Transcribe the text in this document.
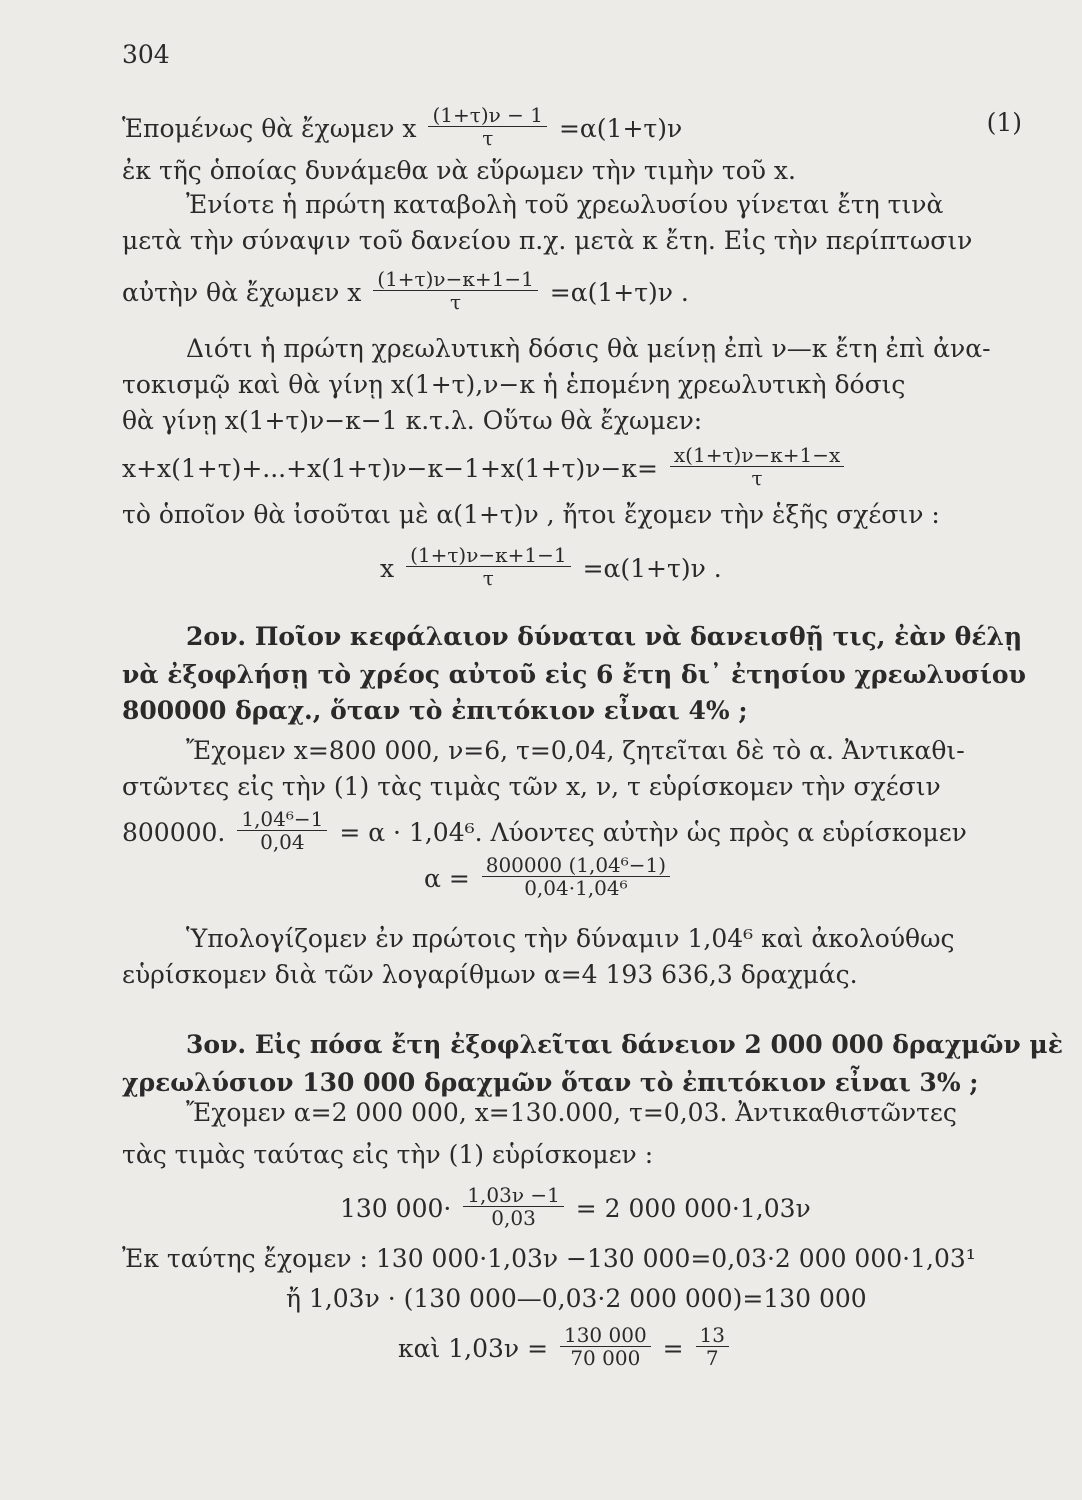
304
Ἑπομένως θὰ ἔχωμεν x $\frac{(1+\tau)\nu - 1}{\tau} =\alpha(1+\tau)\nu$	(1)
ἐκ τῆς ὁποίας δυνάμεθα νὰ εὕρωμεν τὴν τιμὴν τοῦ x.
Ἐνίοτε ἡ πρώτη καταβολὴ τοῦ χρεωλυσίου γίνεται ἔτη τινὰ
μετὰ τὴν σύναψιν τοῦ δανείου π.χ. μετὰ κ ἔτη. Εἰς τὴν περίπτωσιν
αὐτὴν θὰ ἔχωμεν x $\frac{(1+\tau)\nu-\kappa+1-1}{\tau} =\alpha(1+\tau)\nu$ .
Διότι ἡ πρώτη χρεωλυτικὴ δόσις θὰ μείνῃ ἐπὶ ν—κ ἔτη ἐπὶ ἀνα-
τοκισμῷ καὶ θὰ γίνῃ x(1+τ),ν−κ ἡ ἑπομένη χρεωλυτικὴ δόσις
θὰ γίνῃ x(1+τ)ν−κ−1 κ.τ.λ. Οὕτω θὰ ἔχωμεν:
$x+x(1+\tau)+...+x(1+\tau)\nu-\kappa-1+x(1+\tau)\nu-\kappa= \frac{x(1+\tau)\nu-\kappa+1-x}{\tau}$
τὸ ὁποῖον θὰ ἰσοῦται μὲ α(1+τ)ν , ἤτοι ἔχομεν τὴν ἑξῆς σχέσιν :
x $\frac{(1+\tau)\nu-\kappa+1-1}{\tau} =\alpha(1+\tau)\nu$ .
2ον. Ποῖον κεφάλαιον δύναται νὰ δανεισθῇ τις, ἐὰν θέλῃ
νὰ ἐξοφλήσῃ τὸ χρέος αὐτοῦ εἰς 6 ἔτη δι᾿ ἐτησίου χρεωλυσίου
800000 δραχ., ὅταν τὸ ἐπιτόκιον εἶναι 4% ;
Ἔχομεν x=800 000, ν=6, τ=0,04, ζητεῖται δὲ τὸ α. Ἀντικαθι-
στῶντες εἰς τὴν (1) τὰς τιμὰς τῶν x, ν, τ εὑρίσκομεν τὴν σχέσιν
800000. $\frac{\text{1,04⁶−1}}{0,04} = \alpha \cdot 1,04^6$. Λύοντες αὐτὴν ὡς πρὸς α εὑρίσκομεν
$\alpha = \frac{\text{800000 (1,04⁶−1)}}{\text{0,04·1,04⁶}}$
Ὑπολογίζομεν ἐν πρώτοις τὴν δύναμιν 1,04⁶ καὶ ἀκολούθως
εὑρίσκομεν διὰ τῶν λογαρίθμων α=4 193 636,3 δραχμάς.
3ον. Εἰς πόσα ἔτη ἐξοφλεῖται δάνειον 2 000 000 δραχμῶν μὲ
χρεωλύσιον 130 000 δραχμῶν ὅταν τὸ ἐπιτόκιον εἶναι 3% ;
Ἔχομεν α=2 000 000, x=130.000, τ=0,03. Ἀντικαθιστῶντες
τὰς τιμὰς ταύτας εἰς τὴν (1) εὑρίσκομεν :
130 $000\cdot \frac{1,03\nu -1}{0,03} = 2$ 000 000·1,03ν
Ἐκ ταύτης ἔχομεν : 130 000·1,03ν −130 000=0,03·2 000 000·1,03¹
ἤ 1,03ν · (130 000—0,03·2 000 000)=130 000
καὶ $1,03\nu = \frac{130 000}{70 000} = \frac{13}{7}$
